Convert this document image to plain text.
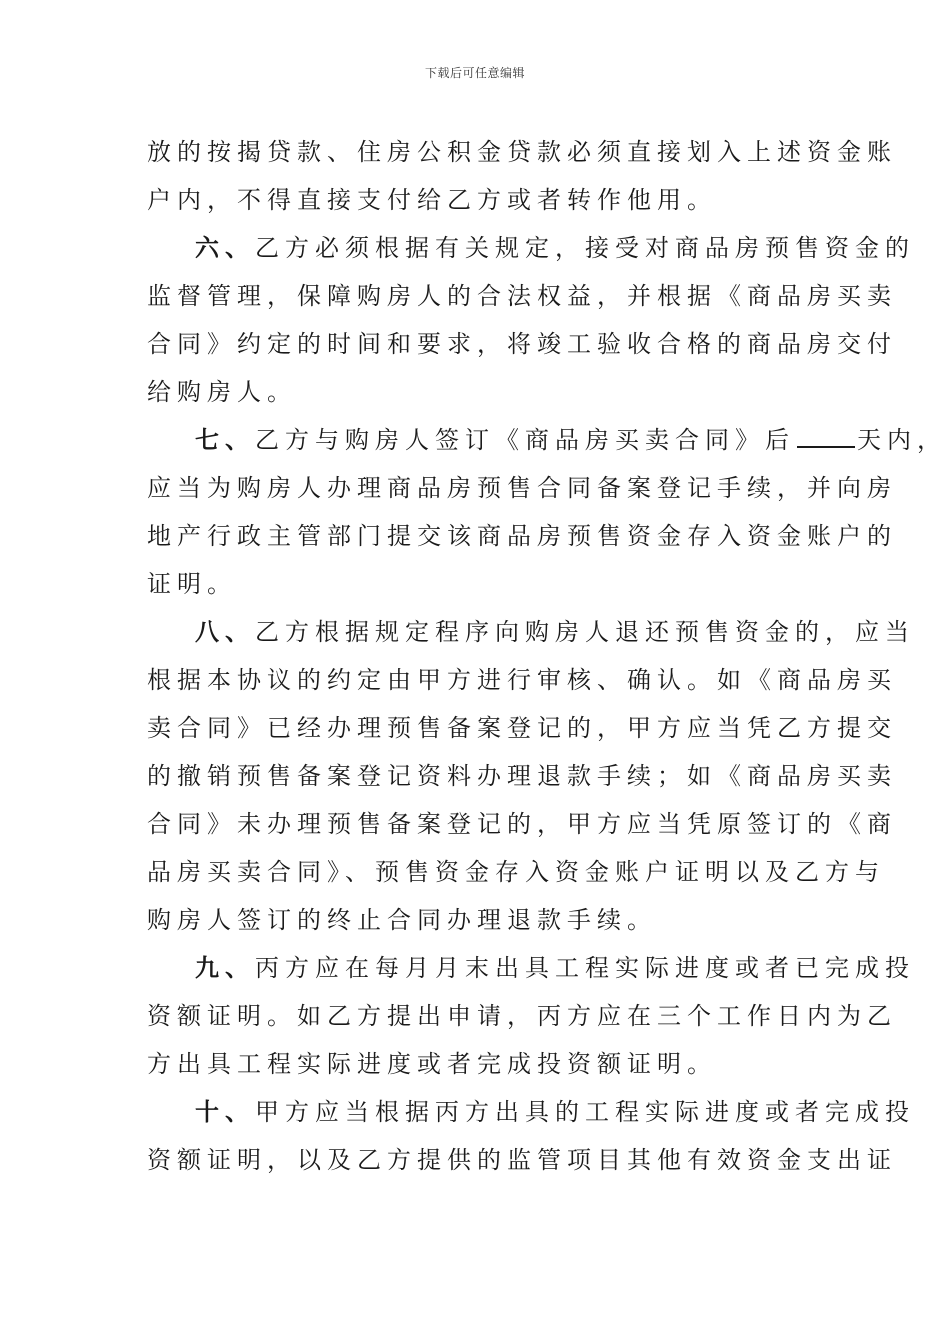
下载后可任意编辑
放的按揭贷款、住房公积金贷款必须直接划入上述资金账
户内，不得直接支付给乙方或者转作他用。
六、乙方必须根据有关规定，接受对商品房预售资金的
监督管理，保障购房人的合法权益，并根据《商品房买卖
合同》约定的时间和要求，将竣工验收合格的商品房交付
给购房人。
七、乙方与购房人签订《商品房买卖合同》后	天内，
应当为购房人办理商品房预售合同备案登记手续，并向房
地产行政主管部门提交该商品房预售资金存入资金账户的
证明。
八、乙方根据规定程序向购房人退还预售资金的，应当
根据本协议的约定由甲方进行审核、确认。如《商品房买
卖合同》已经办理预售备案登记的，甲方应当凭乙方提交
的撤销预售备案登记资料办理退款手续；如《商品房买卖
合同》未办理预售备案登记的，甲方应当凭原签订的《商
品房买卖合同》、预售资金存入资金账户证明以及乙方与
购房人签订的终止合同办理退款手续。
九、丙方应在每月月末出具工程实际进度或者已完成投
资额证明。如乙方提出申请，丙方应在三个工作日内为乙
方出具工程实际进度或者完成投资额证明。
十、甲方应当根据丙方出具的工程实际进度或者完成投
资额证明，以及乙方提供的监管项目其他有效资金支出证
